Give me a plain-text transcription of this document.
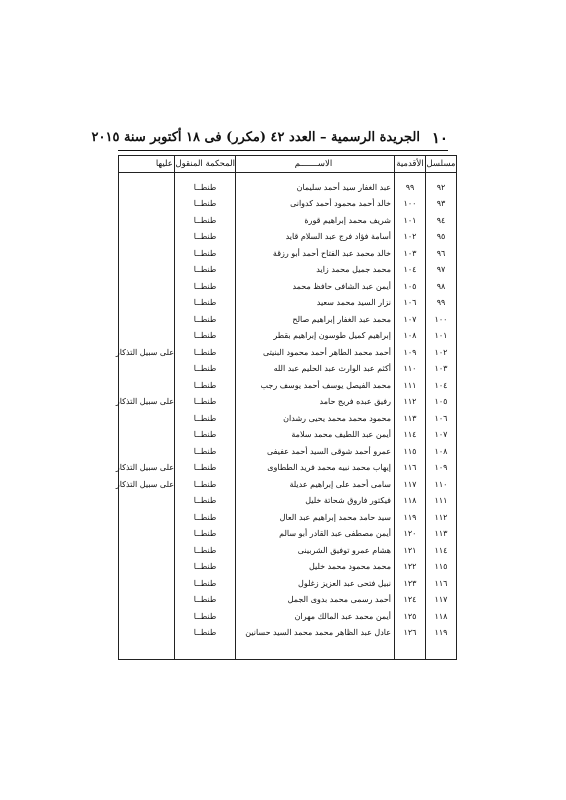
١٠
الجريدة الرسمية – العدد ٤٢ (مكرر) فى ١٨ أكتوبر سنة ٢٠١٥
مسلسل	الأقدمية	الاســـــــم	المحكمة المنقول عليها	

٩٢	٩٩	عبد الغفار سيد أحمد سليمان	طنطــا	
٩٣	١٠٠	خالد أحمد محمود أحمد كدوانى	طنطــا	
٩٤	١٠١	شريف محمد إبراهيم قورة	طنطــا	
٩٥	١٠٢	أسامة فؤاد فرج عبد السلام قايد	طنطــا	
٩٦	١٠٣	خالد محمد عبد الفتاح أحمد أبو رزقة	طنطــا	
٩٧	١٠٤	محمد جميل محمد زايد	طنطــا	
٩٨	١٠٥	أيمن عبد الشافى حافظ محمد	طنطــا	
٩٩	١٠٦	نزار السيد محمد سعيد	طنطــا	
١٠٠	١٠٧	محمد عبد الغفار إبراهيم صالح	طنطــا	
١٠١	١٠٨	إبراهيم كميل طوسون إبراهيم بقطر	طنطــا	
١٠٢	١٠٩	أحمد محمد الطاهر أحمد محمود البنيتى	طنطــا	على سبيل التذكار
١٠٣	١١٠	أكثم عبد الوارث عبد الحليم عبد الله	طنطــا	
١٠٤	١١١	محمد الفيصل يوسف أحمد يوسف رجب	طنطــا	
١٠٥	١١٢	رفيق عبده فريج حامد	طنطــا	على سبيل التذكار
١٠٦	١١٣	محمود محمد محمد يحيى رشدان	طنطــا	
١٠٧	١١٤	أيمن عبد اللطيف محمد سلامة	طنطــا	
١٠٨	١١٥	عمرو أحمد شوقى السيد أحمد عفيفى	طنطــا	
١٠٩	١١٦	إيهاب محمد نبيه محمد فريد الططاوى	طنطــا	على سبيل التذكار
١١٠	١١٧	سامى أحمد على إبراهيم عديلة	طنطــا	على سبيل التذكار
١١١	١١٨	فيكتور فاروق شحاتة خليل	طنطــا	
١١٢	١١٩	سيد حامد محمد إبراهيم عبد العال	طنطــا	
١١٣	١٢٠	أيمن مصطفى عبد القادر أبو سالم	طنطــا	
١١٤	١٢١	هشام عمرو توفيق الشربينى	طنطــا	
١١٥	١٢٢	محمد محمود محمد خليل	طنطــا	
١١٦	١٢٣	نبيل فتحى عبد العزيز زغلول	طنطــا	
١١٧	١٢٤	أحمد رسمى محمد بدوى الجمل	طنطــا	
١١٨	١٢٥	أيمن محمد عبد المالك مهران	طنطــا	
١١٩	١٢٦	عادل عبد الظاهر محمد محمد السيد حسانين	طنطــا	
